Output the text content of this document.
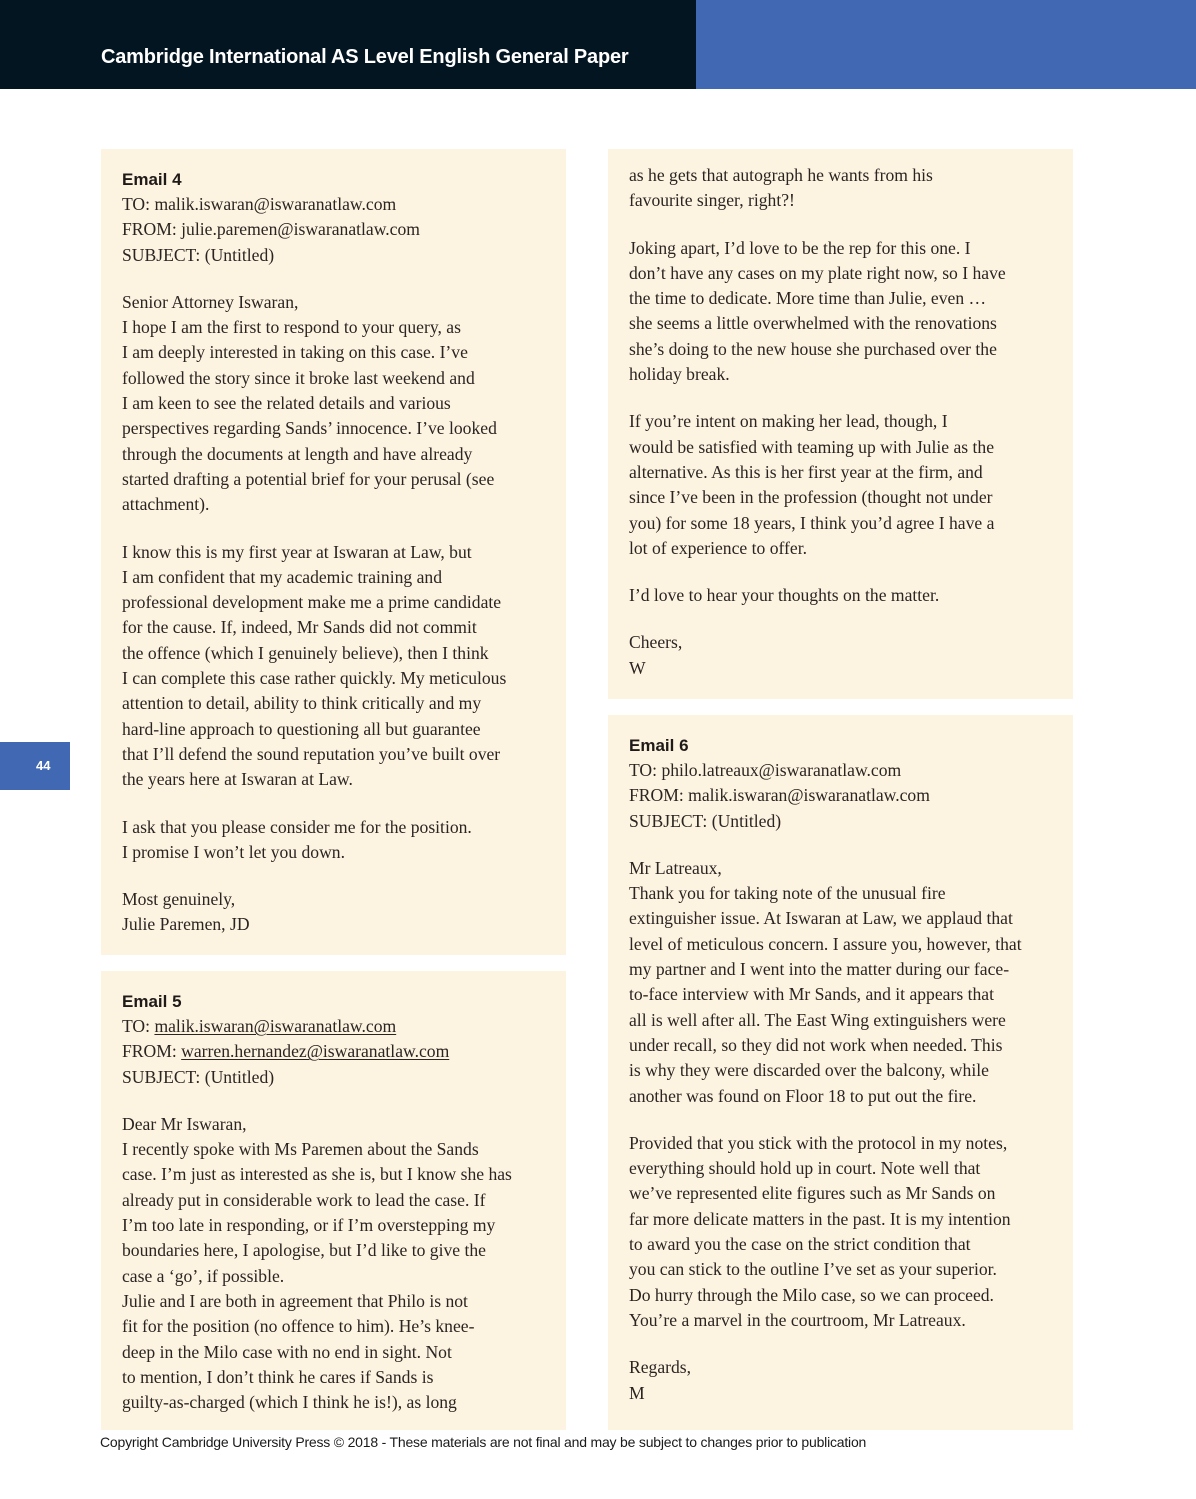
Cambridge International AS Level English General Paper
44
Email 4
TO: malik.iswaran@iswaranatlaw.com
FROM: julie.paremen@iswaranatlaw.com
SUBJECT: (Untitled)
Senior Attorney Iswaran,
I hope I am the first to respond to your query, as
I am deeply interested in taking on this case. I’ve
followed the story since it broke last weekend and
I am keen to see the related details and various
perspectives regarding Sands’ innocence. I’ve looked
through the documents at length and have already
started drafting a potential brief for your perusal (see
attachment).
I know this is my first year at Iswaran at Law, but
I am confident that my academic training and
professional development make me a prime candidate
for the cause. If, indeed, Mr Sands did not commit
the offence (which I genuinely believe), then I think
I can complete this case rather quickly. My meticulous
attention to detail, ability to think critically and my
hard-line approach to questioning all but guarantee
that I’ll defend the sound reputation you’ve built over
the years here at Iswaran at Law.
I ask that you please consider me for the position.
I promise I won’t let you down.
Most genuinely,
Julie Paremen, JD
Email 5
TO: malik.iswaran@iswaranatlaw.com
FROM: warren.hernandez@iswaranatlaw.com
SUBJECT: (Untitled)
Dear Mr Iswaran,
I recently spoke with Ms Paremen about the Sands
case. I’m just as interested as she is, but I know she has
already put in considerable work to lead the case. If
I’m too late in responding, or if I’m overstepping my
boundaries here, I apologise, but I’d like to give the
case a ‘go’, if possible.
Julie and I are both in agreement that Philo is not
fit for the position (no offence to him). He’s knee-
deep in the Milo case with no end in sight. Not
to mention, I don’t think he cares if Sands is
guilty-as-charged (which I think he is!), as long
as he gets that autograph he wants from his
favourite singer, right?!
Joking apart, I’d love to be the rep for this one. I
don’t have any cases on my plate right now, so I have
the time to dedicate. More time than Julie, even …
she seems a little overwhelmed with the renovations
she’s doing to the new house she purchased over the
holiday break.
If you’re intent on making her lead, though, I
would be satisfied with teaming up with Julie as the
alternative. As this is her first year at the firm, and
since I’ve been in the profession (thought not under
you) for some 18 years, I think you’d agree I have a
lot of experience to offer.
I’d love to hear your thoughts on the matter.
Cheers,
W
Email 6
TO: philo.latreaux@iswaranatlaw.com
FROM: malik.iswaran@iswaranatlaw.com
SUBJECT: (Untitled)
Mr Latreaux,
Thank you for taking note of the unusual fire
extinguisher issue. At Iswaran at Law, we applaud that
level of meticulous concern. I assure you, however, that
my partner and I went into the matter during our face-
to-face interview with Mr Sands, and it appears that
all is well after all. The East Wing extinguishers were
under recall, so they did not work when needed. This
is why they were discarded over the balcony, while
another was found on Floor 18 to put out the fire.
Provided that you stick with the protocol in my notes,
everything should hold up in court. Note well that
we’ve represented elite figures such as Mr Sands on
far more delicate matters in the past. It is my intention
to award you the case on the strict condition that
you can stick to the outline I’ve set as your superior.
Do hurry through the Milo case, so we can proceed.
You’re a marvel in the courtroom, Mr Latreaux.
Regards,
M
Copyright Cambridge University Press © 2018 - These materials are not final and may be subject to changes prior to publication
